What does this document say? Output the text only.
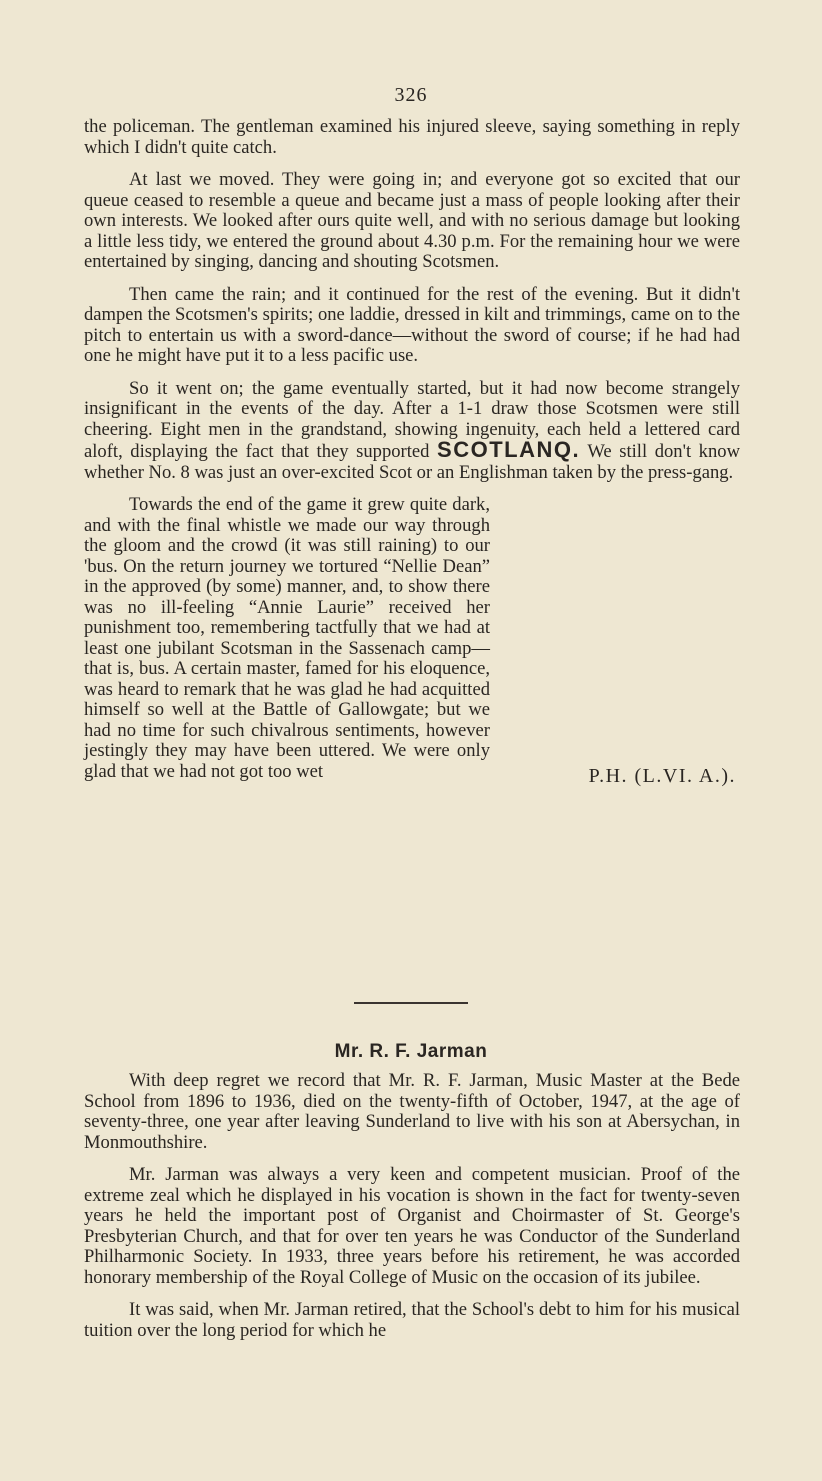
326

the policeman. The gentleman examined his injured sleeve, saying something in reply which I didn't quite catch.

At last we moved. They were going in; and everyone got so excited that our queue ceased to resemble a queue and became just a mass of people looking after their own interests. We looked after ours quite well, and with no serious damage but looking a little less tidy, we entered the ground about 4.30 p.m. For the remaining hour we were entertained by singing, dancing and shouting Scotsmen.

Then came the rain; and it continued for the rest of the evening. But it didn't dampen the Scotsmen's spirits; one laddie, dressed in kilt and trimmings, came on to the pitch to entertain us with a sword-dance—without the sword of course; if he had had one he might have put it to a less pacific use.

So it went on; the game eventually started, but it had now become strangely insignificant in the events of the day. After a 1-1 draw those Scotsmen were still cheering. Eight men in the grandstand, showing ingenuity, each held a lettered card aloft, displaying the fact that they supported SCOTLANQ. We still don't know whether No. 8 was just an over-excited Scot or an Englishman taken by the press-gang.

Towards the end of the game it grew quite dark, and with the final whistle we made our way through the gloom and the crowd (it was still raining) to our 'bus. On the return journey we tortured “Nellie Dean” in the approved (by some) manner, and, to show there was no ill-feeling “Annie Laurie” received her punishment too, remembering tactfully that we had at least one jubilant Scotsman in the Sassenach camp—that is, bus. A certain master, famed for his eloquence, was heard to remark that he was glad he had acquitted himself so well at the Battle of Gallowgate; but we had no time for such chivalrous sentiments, however jestingly they may have been uttered. We were only glad that we had not got too wet	P.H. (L.VI. A.).
Mr. R. F. Jarman

With deep regret we record that Mr. R. F. Jarman, Music Master at the Bede School from 1896 to 1936, died on the twenty-fifth of October, 1947, at the age of seventy-three, one year after leaving Sunderland to live with his son at Abersychan, in Monmouthshire.

Mr. Jarman was always a very keen and competent musician. Proof of the extreme zeal which he displayed in his vocation is shown in the fact for twenty-seven years he held the important post of Organist and Choirmaster of St. George's Presbyterian Church, and that for over ten years he was Conductor of the Sunderland Philharmonic Society. In 1933, three years before his retirement, he was accorded honorary membership of the Royal College of Music on the occasion of its jubilee.

It was said, when Mr. Jarman retired, that the School's debt to him for his musical tuition over the long period for which he
